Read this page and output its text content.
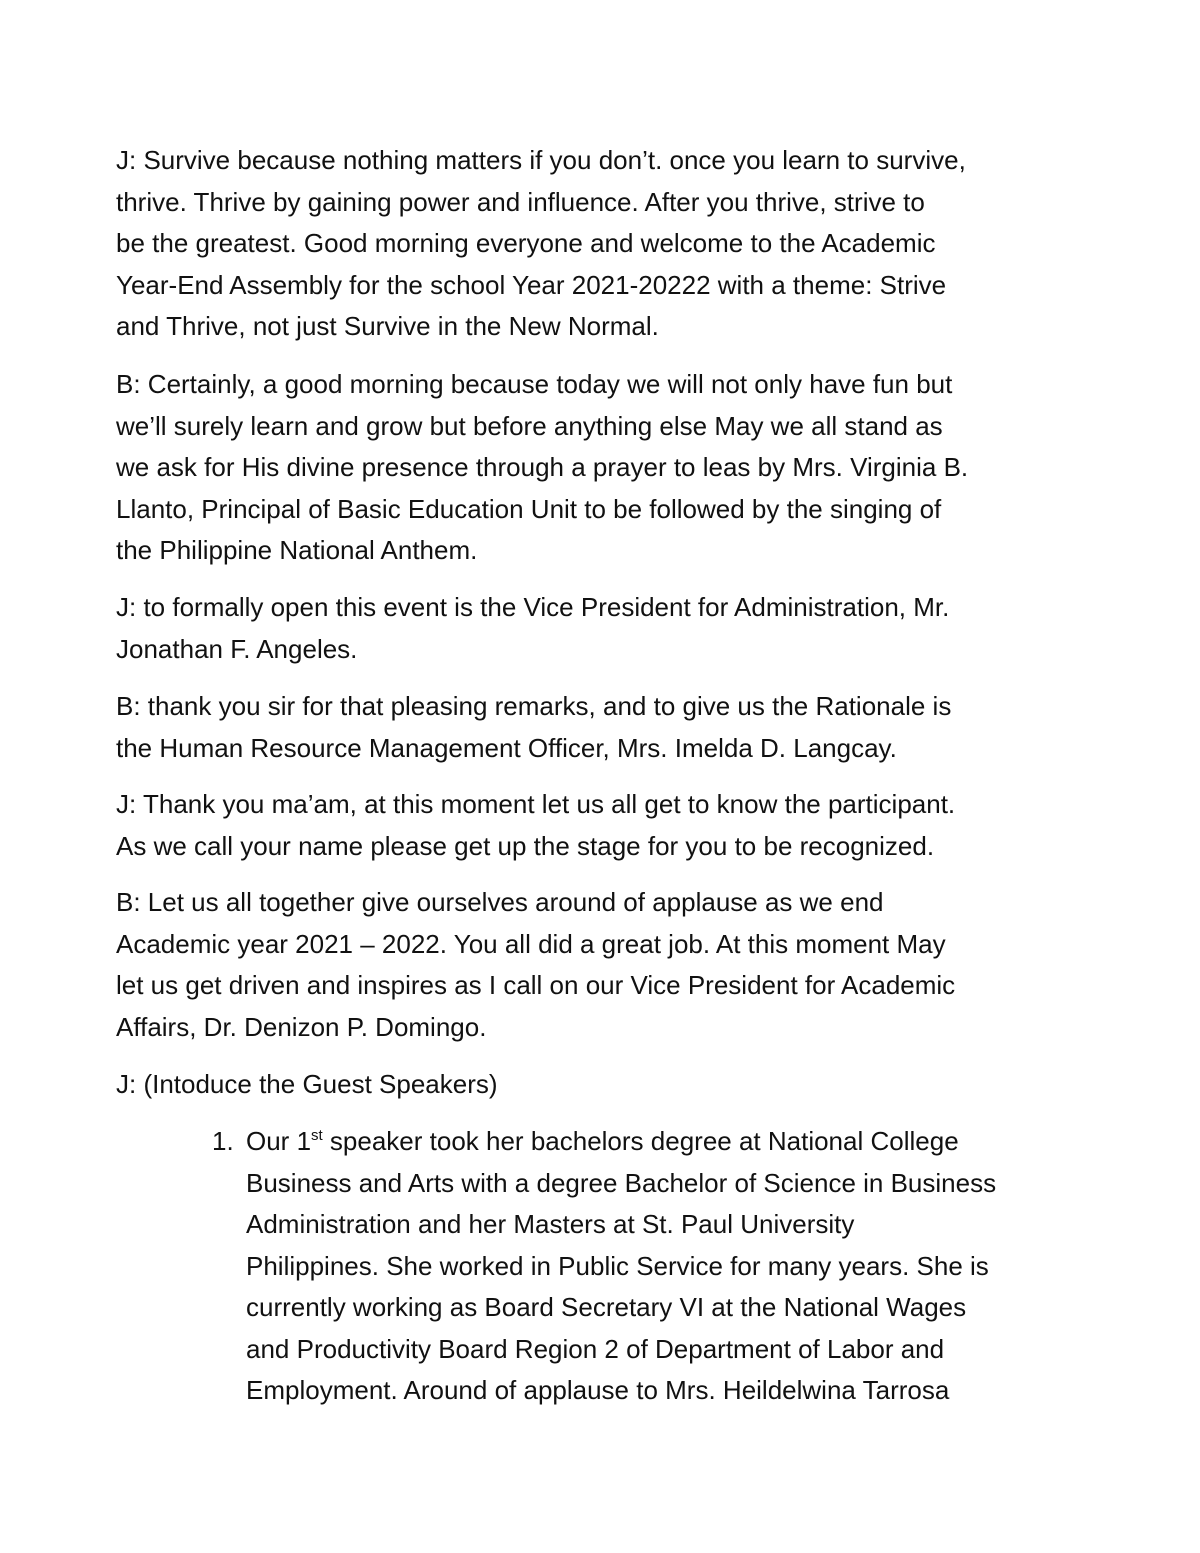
J: Survive because nothing matters if you don’t. once you learn to survive,
thrive. Thrive by gaining power and influence. After you thrive, strive to
be the greatest. Good morning everyone and welcome to the Academic
Year-End Assembly for the school Year 2021-20222 with a theme: Strive
and Thrive, not just Survive in the New Normal.

B: Certainly, a good morning because today we will not only have fun but
we’ll surely learn and grow but before anything else May we all stand as
we ask for His divine presence through a prayer to leas by Mrs. Virginia B.
Llanto, Principal of Basic Education Unit to be followed by the singing of
the Philippine National Anthem.

J: to formally open this event is the Vice President for Administration, Mr.
Jonathan F. Angeles.

B: thank you sir for that pleasing remarks, and to give us the Rationale is
the Human Resource Management Officer, Mrs. Imelda D. Langcay.

J: Thank you ma’am, at this moment let us all get to know the participant.
As we call your name please get up the stage for you to be recognized.

B: Let us all together give ourselves around of applause as we end
Academic year 2021 – 2022. You all did a great job. At this moment May
let us get driven and inspires as I call on our Vice President for Academic
Affairs, Dr. Denizon P. Domingo.

J: (Intoduce the Guest Speakers)

1. Our 1st speaker took her bachelors degree at National College
Business and Arts with a degree Bachelor of Science in Business
Administration and her Masters at St. Paul University
Philippines. She worked in Public Service for many years. She is
currently working as Board Secretary VI at the National Wages
and Productivity Board Region 2 of Department of Labor and
Employment. Around of applause to Mrs. Heildelwina Tarrosa
